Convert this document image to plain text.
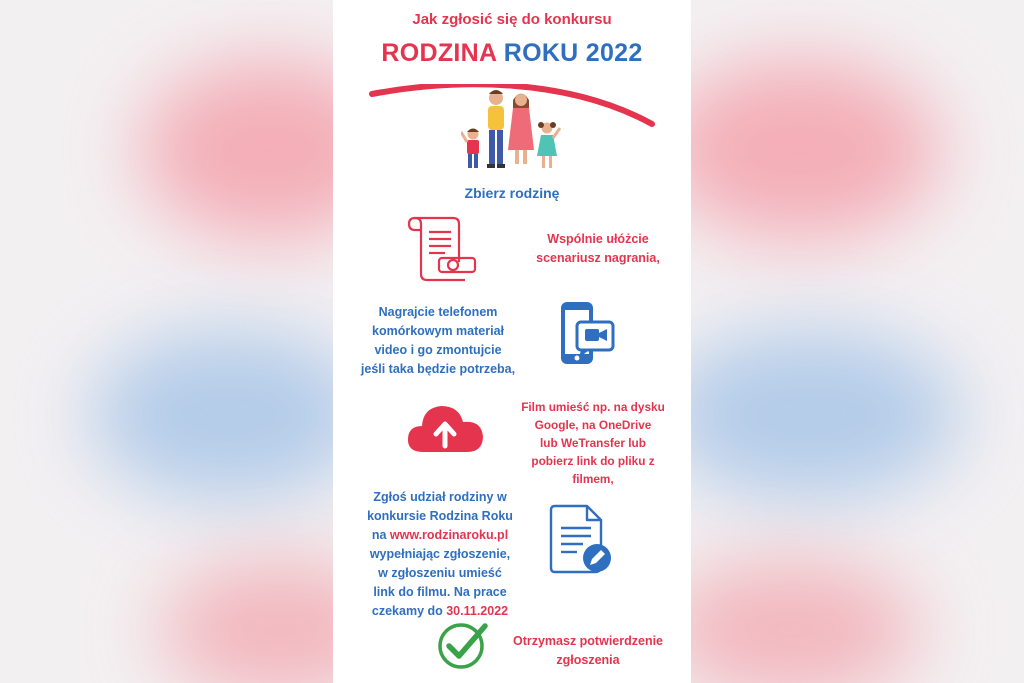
Jak zgłosić się do konkursu
RODZINA ROKU 2022
Zbierz rodzinę
Wspólnie ułóżcie
scenariusz nagrania,
Nagrajcie telefonem
komórkowym materiał
video i go zmontujcie
jeśli taka będzie potrzeba,
Film umieść np. na dysku
Google, na OneDrive
lub WeTransfer lub
pobierz link do pliku z
filmem,
Zgłoś udział rodziny w
konkursie Rodzina Roku
na www.rodzinaroku.pl
wypełniając zgłoszenie,
w zgłoszeniu umieść
link do filmu. Na prace
czekamy do 30.11.2022
Otrzymasz potwierdzenie
zgłoszenia
